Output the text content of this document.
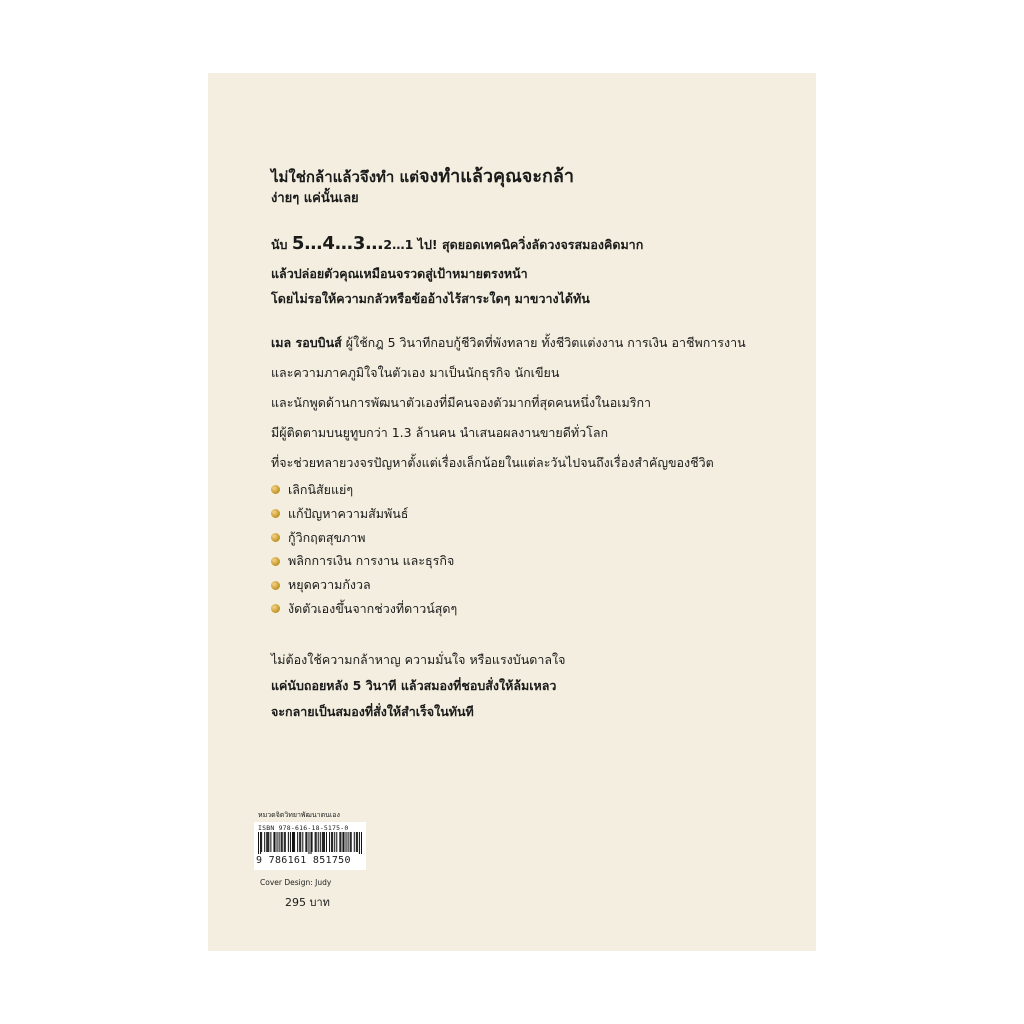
ไม่ใช่กล้าแล้วจึงทำ แต่จงทำแล้วคุณจะกล้า
ง่ายๆ แค่นั้นเลย
นับ 5…4…3…2…1 ไป! สุดยอดเทคนิควิ่งลัดวงจรสมองคิดมาก
แล้วปล่อยตัวคุณเหมือนจรวดสู่เป้าหมายตรงหน้า
โดยไม่รอให้ความกลัวหรือข้ออ้างไร้สาระใดๆ มาขวางได้ทัน
เมล รอบบินส์ ผู้ใช้กฎ 5 วินาทีกอบกู้ชีวิตที่พังทลาย ทั้งชีวิตแต่งงาน การเงิน อาชีพการงาน
และความภาคภูมิใจในตัวเอง มาเป็นนักธุรกิจ นักเขียน
และนักพูดด้านการพัฒนาตัวเองที่มีคนจองตัวมากที่สุดคนหนึ่งในอเมริกา
มีผู้ติดตามบนยูทูบกว่า 1.3 ล้านคน นำเสนอผลงานขายดีทั่วโลก
ที่จะช่วยทลายวงจรปัญหาตั้งแต่เรื่องเล็กน้อยในแต่ละวันไปจนถึงเรื่องสำคัญของชีวิต
เลิกนิสัยแย่ๆ
แก้ปัญหาความสัมพันธ์
กู้วิกฤตสุขภาพ
พลิกการเงิน การงาน และธุรกิจ
หยุดความกังวล
งัดตัวเองขึ้นจากช่วงที่ดาวน์สุดๆ
ไม่ต้องใช้ความกล้าหาญ ความมั่นใจ หรือแรงบันดาลใจ
แค่นับถอยหลัง 5 วินาที แล้วสมองที่ชอบสั่งให้ล้มเหลว
จะกลายเป็นสมองที่สั่งให้สำเร็จในทันที
หมวดจิตวิทยาพัฒนาตนเอง
ISBN 978-616-18-5175-0
9 786161 851750
Cover Design: Judy
295 บาท
